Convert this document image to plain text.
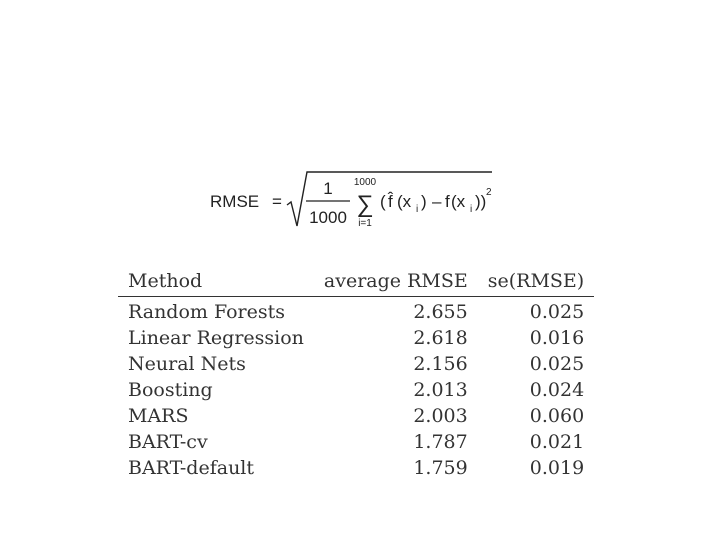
RMSE =
1
1000
1000
∑
i=1
( f̂ (x i ) – f (x i )) 2
Method	average RMSE	se(RMSE)
Random Forests	2.655	0.025
Linear Regression	2.618	0.016
Neural Nets	2.156	0.025
Boosting	2.013	0.024
MARS	2.003	0.060
BART-cv	1.787	0.021
BART-default	1.759	0.019
